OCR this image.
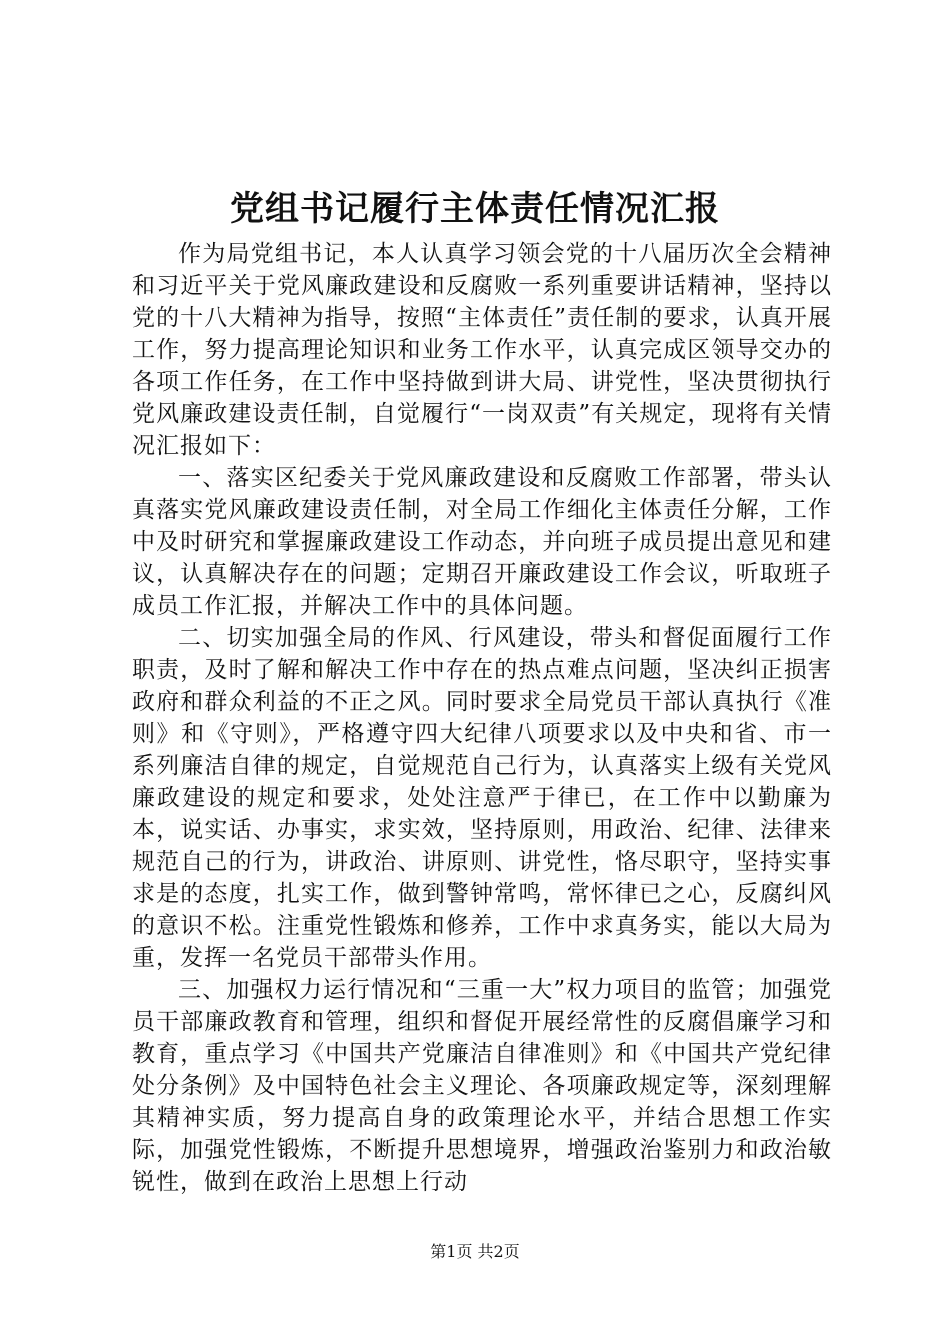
党组书记履行主体责任情况汇报

作为局党组书记，本人认真学习领会党的十八届历次全会精神和习近平关于党风廉政建设和反腐败一系列重要讲话精神，坚持以党的十八大精神为指导，按照“主体责任”责任制的要求，认真开展工作，努力提高理论知识和业务工作水平，认真完成区领导交办的各项工作任务，在工作中坚持做到讲大局、讲党性，坚决贯彻执行党风廉政建设责任制，自觉履行“一岗双责”有关规定，现将有关情况汇报如下：

一、落实区纪委关于党风廉政建设和反腐败工作部署，带头认真落实党风廉政建设责任制，对全局工作细化主体责任分解，工作中及时研究和掌握廉政建设工作动态，并向班子成员提出意见和建议，认真解决存在的问题；定期召开廉政建设工作会议，听取班子成员工作汇报，并解决工作中的具体问题。

二、切实加强全局的作风、行风建设，带头和督促面履行工作职责，及时了解和解决工作中存在的热点难点问题，坚决纠正损害政府和群众利益的不正之风。同时要求全局党员干部认真执行《准则》和《守则》，严格遵守四大纪律八项要求以及中央和省、市一系列廉洁自律的规定，自觉规范自己行为，认真落实上级有关党风廉政建设的规定和要求，处处注意严于律已，在工作中以勤廉为本，说实话、办事实，求实效，坚持原则，用政治、纪律、法律来规范自己的行为，讲政治、讲原则、讲党性，恪尽职守，坚持实事求是的态度，扎实工作，做到警钟常鸣，常怀律已之心，反腐纠风的意识不松。注重党性锻炼和修养，工作中求真务实，能以大局为重，发挥一名党员干部带头作用。

三、加强权力运行情况和“三重一大”权力项目的监管；加强党员干部廉政教育和管理，组织和督促开展经常性的反腐倡廉学习和教育，重点学习《中国共产党廉洁自律准则》和《中国共产党纪律处分条例》及中国特色社会主义理论、各项廉政规定等，深刻理解其精神实质，努力提高自身的政策理论水平，并结合思想工作实际，加强党性锻炼，不断提升思想境界，增强政治鉴别力和政治敏锐性，做到在政治上思想上行动

第1页 共2页
